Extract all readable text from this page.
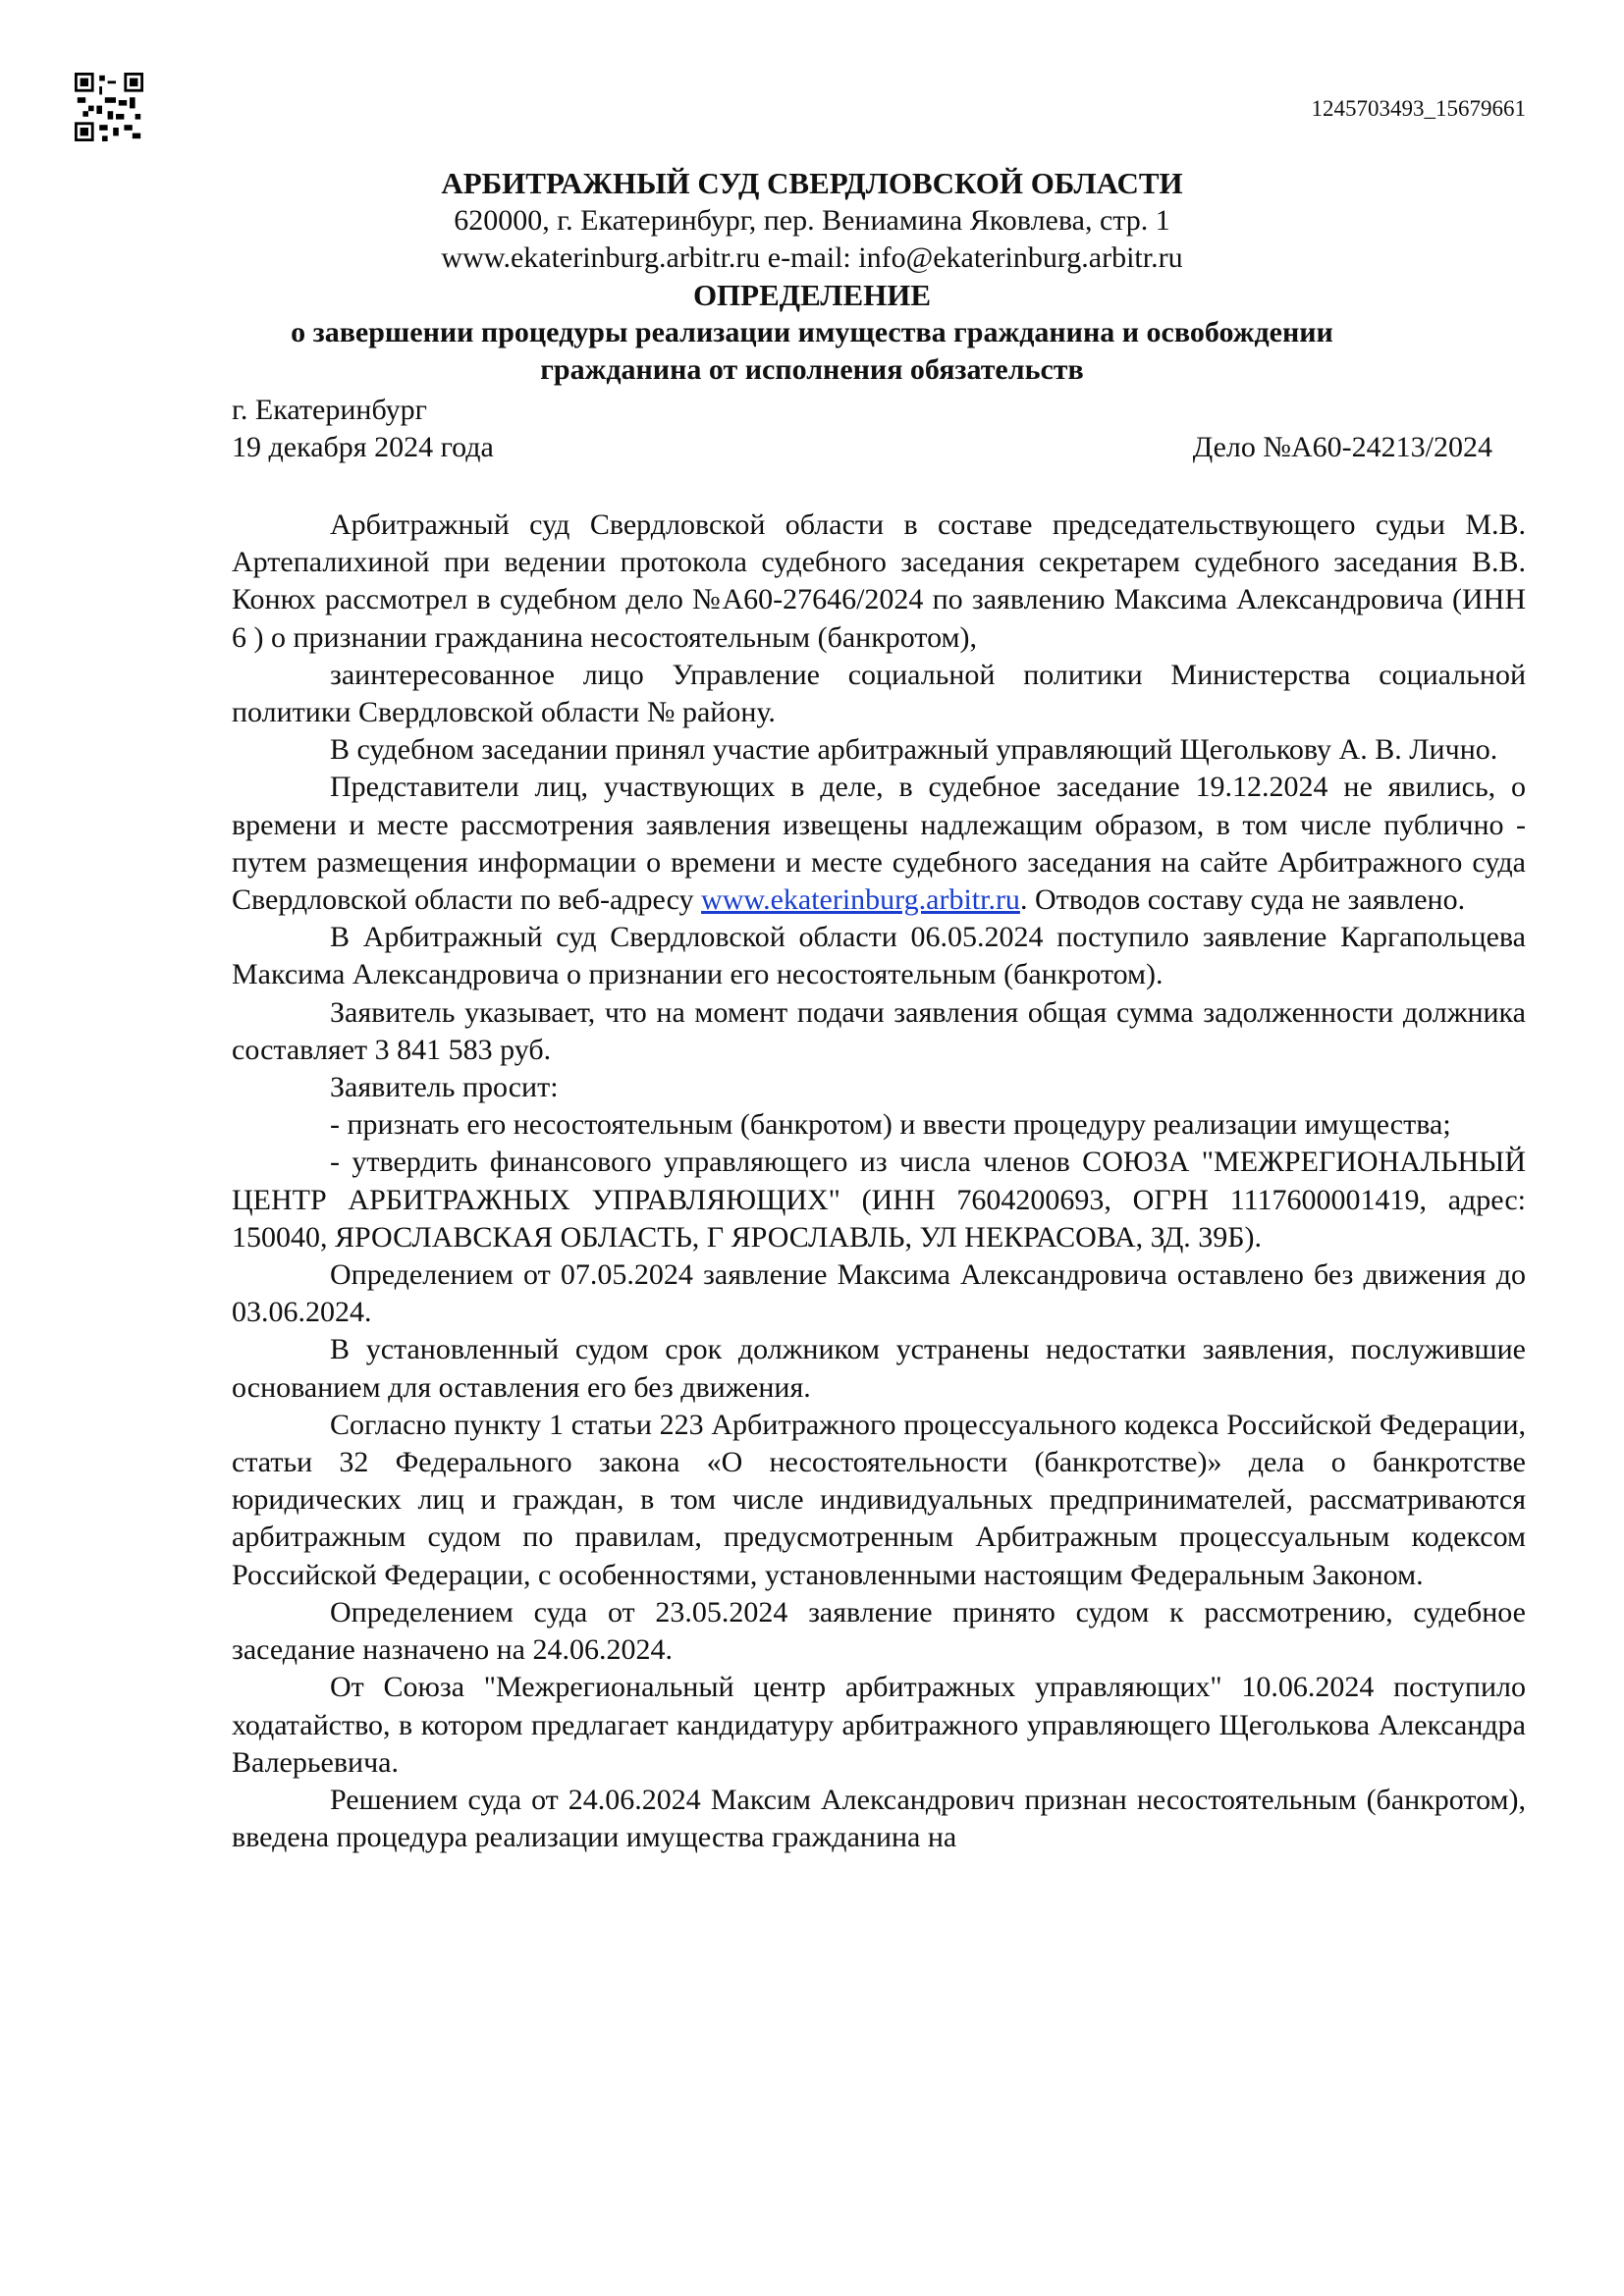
1245703493_15679661
АРБИТРАЖНЫЙ СУД СВЕРДЛОВСКОЙ ОБЛАСТИ
620000, г. Екатеринбург, пер. Вениамина Яковлева, стр. 1
www.ekaterinburg.arbitr.ru e-mail: info@ekaterinburg.arbitr.ru
ОПРЕДЕЛЕНИЕ
о завершении процедуры реализации имущества гражданина и освобождении
гражданина от исполнения обязательств
г. Екатеринбург
19 декабря 2024 года	Дело №А60-24213/2024

Арбитражный суд Свердловской области в составе председательствующего судьи М.В. Артепалихиной при ведении протокола судебного заседания секретарем судебного заседания В.В. Конюх рассмотрел в судебном дело №А60-27646/2024 по заявлению Максима Александровича (ИНН 6 ) о признании гражданина несостоятельным (банкротом),

заинтересованное лицо Управление социальной политики Министерства социальной политики Свердловской области № району.

В судебном заседании принял участие арбитражный управляющий Щеголькову А. В. Лично.

Представители лиц, участвующих в деле, в судебное заседание 19.12.2024 не явились, о времени и месте рассмотрения заявления извещены надлежащим образом, в том числе публично - путем размещения информации о времени и месте судебного заседания на сайте Арбитражного суда Свердловской области по веб-адресу www.ekaterinburg.arbitr.ru. Отводов составу суда не заявлено.

В Арбитражный суд Свердловской области 06.05.2024 поступило заявление Каргапольцева Максима Александровича о признании его несостоятельным (банкротом).

Заявитель указывает, что на момент подачи заявления общая сумма задолженности должника составляет 3 841 583 руб.

Заявитель просит:

- признать его несостоятельным (банкротом) и ввести процедуру реализации имущества;

- утвердить финансового управляющего из числа членов СОЮЗА "МЕЖРЕГИОНАЛЬНЫЙ ЦЕНТР АРБИТРАЖНЫХ УПРАВЛЯЮЩИХ" (ИНН 7604200693, ОГРН 1117600001419, адрес: 150040, ЯРОСЛАВСКАЯ ОБЛАСТЬ, Г ЯРОСЛАВЛЬ, УЛ НЕКРАСОВА, ЗД. 39Б).

Определением от 07.05.2024 заявление Максима Александровича оставлено без движения до 03.06.2024.

В установленный судом срок должником устранены недостатки заявления, послужившие основанием для оставления его без движения.

Согласно пункту 1 статьи 223 Арбитражного процессуального кодекса Российской Федерации, статьи 32 Федерального закона «О несостоятельности (банкротстве)» дела о банкротстве юридических лиц и граждан, в том числе индивидуальных предпринимателей, рассматриваются арбитражным судом по правилам, предусмотренным Арбитражным процессуальным кодексом Российской Федерации, с особенностями, установленными настоящим Федеральным Законом.

Определением суда от 23.05.2024 заявление принято судом к рассмотрению, судебное заседание назначено на 24.06.2024.

От Союза "Межрегиональный центр арбитражных управляющих" 10.06.2024 поступило ходатайство, в котором предлагает кандидатуру арбитражного управляющего Щеголькова Александра Валерьевича.

Решением суда от 24.06.2024 Максим Александрович признан несостоятельным (банкротом), введена процедура реализации имущества гражданина на
